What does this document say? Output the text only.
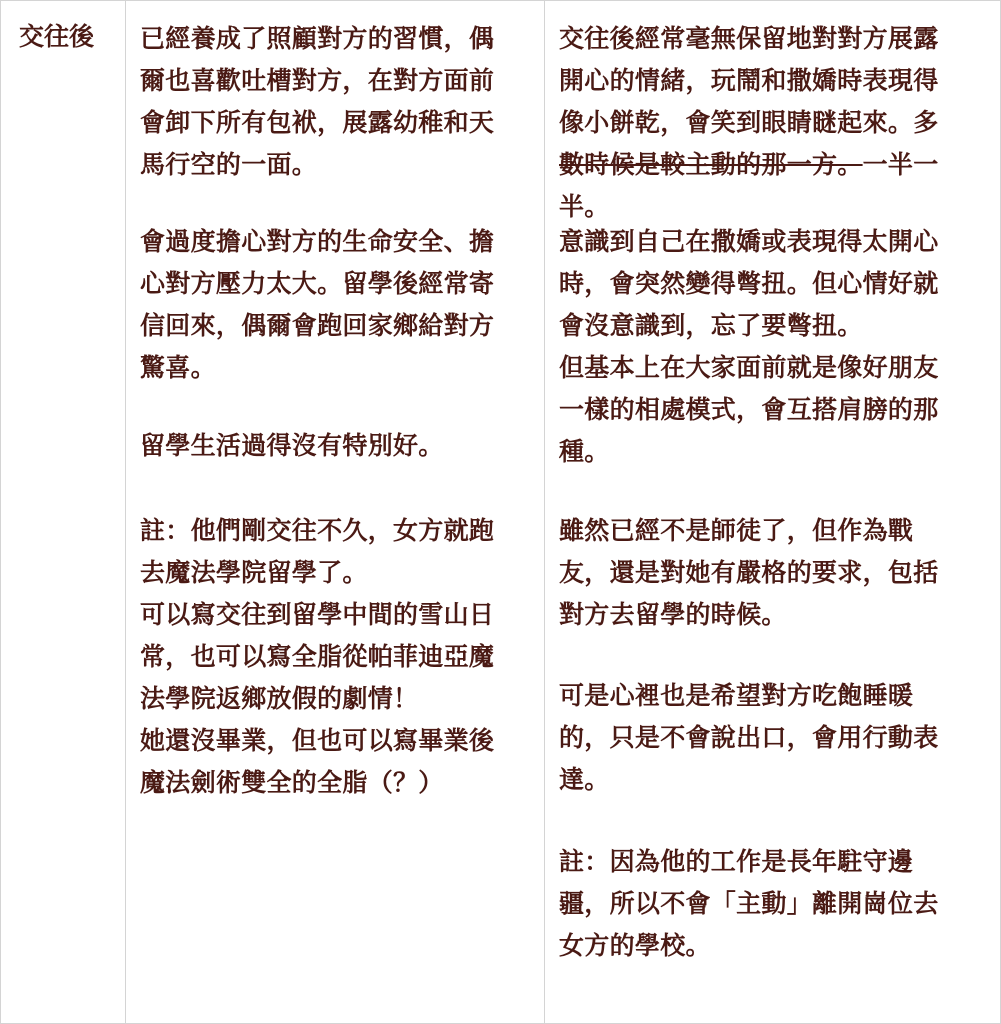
交往後 已經養成了照顧對方的習慣，偶
爾也喜歡吐槽對方，在對方面前
會卸下所有包袱，展露幼稚和天
馬行空的一面。
會過度擔心對方的生命安全、擔
心對方壓力太大。留學後經常寄
信回來，偶爾會跑回家鄉給對方
驚喜。
留學生活過得沒有特別好。
註：他們剛交往不久，女方就跑
去魔法學院留學了。
可以寫交往到留學中間的雪山日
常，也可以寫全脂從帕菲迪亞魔
法學院返鄉放假的劇情！
她還沒畢業，但也可以寫畢業後
魔法劍術雙全的全脂（？）
交往後經常毫無保留地對對方展露
開心的情緒，玩鬧和撒嬌時表現得
像小餅乾，會笑到眼睛瞇起來。多
數時候是較主動的那一方。一半一
半。
意識到自己在撒嬌或表現得太開心
時，會突然變得彆扭。但心情好就
會沒意識到，忘了要彆扭。
但基本上在大家面前就是像好朋友
一樣的相處模式，會互搭肩膀的那
種。
雖然已經不是師徒了，但作為戰
友，還是對她有嚴格的要求，包括
對方去留學的時候。
可是心裡也是希望對方吃飽睡暖
的，只是不會說出口，會用行動表
達。
註：因為他的工作是長年駐守邊
疆，所以不會「主動」離開崗位去
女方的學校。
